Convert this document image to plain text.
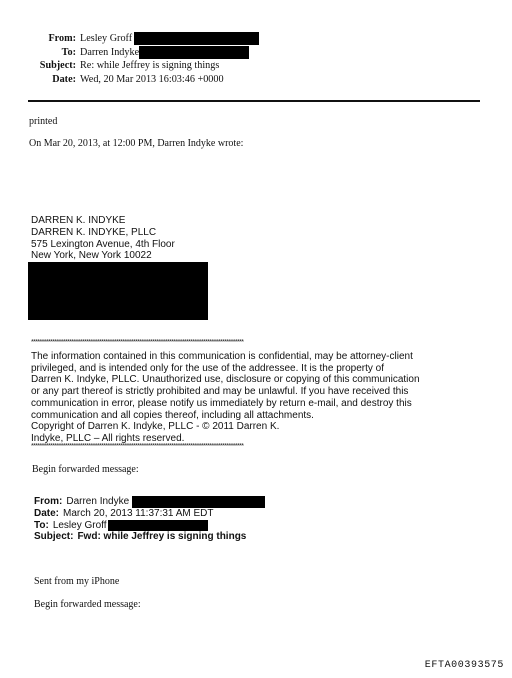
From: Lesley Groff
To: Darren Indyke
Subject: Re: while Jeffrey is signing things
Date: Wed, 20 Mar 2013 16:03:46 +0000
printed
On Mar 20, 2013, at 12:00 PM, Darren Indyke wrote:
DARREN K. INDYKE
DARREN K. INDYKE, PLLC
575 Lexington Avenue, 4th Floor
New York, New York 10022
****************************************************************************************************
The information contained in this communication is confidential, may be attorney-client
privileged, and is intended only for the use of the addressee. It is the property of
Darren K. Indyke, PLLC. Unauthorized use, disclosure or copying of this communication
or any part thereof is strictly prohibited and may be unlawful. If you have received this
communication in error, please notify us immediately by return e-mail, and destroy this
communication and all copies thereof, including all attachments.
Copyright of Darren K. Indyke, PLLC - © 2011 Darren K.
Indyke, PLLC – All rights reserved.
****************************************************************************************************
Begin forwarded message:
From: Darren Indyke
Date: March 20, 2013 11:37:31 AM EDT
To: Lesley Groff
Subject: Fwd: while Jeffrey is signing things
Sent from my iPhone
Begin forwarded message:
EFTA00393575
